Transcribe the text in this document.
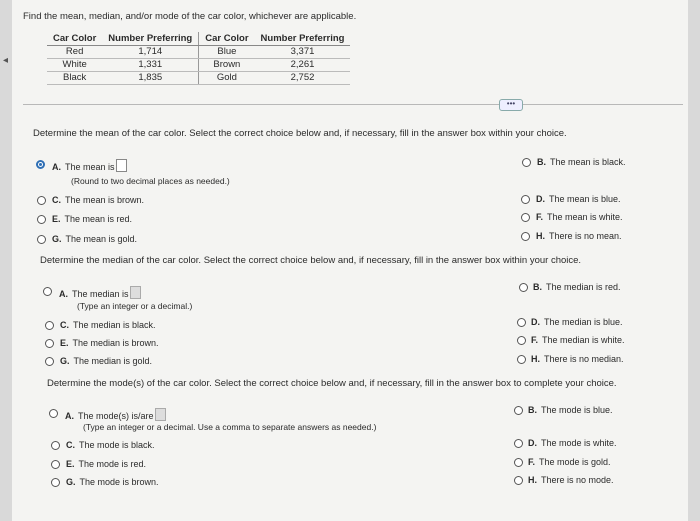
◂
Find the mean, median, and/or mode of the car color, whichever are applicable.
Car Color	Number Preferring	Car Color	Number Preferring
Red	1,714	Blue	3,371
White	1,331	Brown	2,261
Black	1,835	Gold	2,752
•••
Determine the mean of the car color. Select the correct choice below and, if necessary, fill in the answer box within your choice.
A. The mean is
(Round to two decimal places as needed.)
B. The mean is black.
C. The mean is brown.	D. The mean is blue.
E. The mean is red.	F. The mean is white.
G. The mean is gold.	H. There is no mean.
Determine the median of the car color. Select the correct choice below and, if necessary, fill in the answer box within your choice.
A. The median is
(Type an integer or a decimal.)
B. The median is red.
C. The median is black.	D. The median is blue.
E. The median is brown.	F. The median is white.
G. The median is gold.	H. There is no median.
Determine the mode(s) of the car color. Select the correct choice below and, if necessary, fill in the answer box to complete your choice.
A. The mode(s) is/are
(Type an integer or a decimal. Use a comma to separate answers as needed.)
B. The mode is blue.
C. The mode is black.	D. The mode is white.
E. The mode is red.	F. The mode is gold.
G. The mode is brown.	H. There is no mode.
